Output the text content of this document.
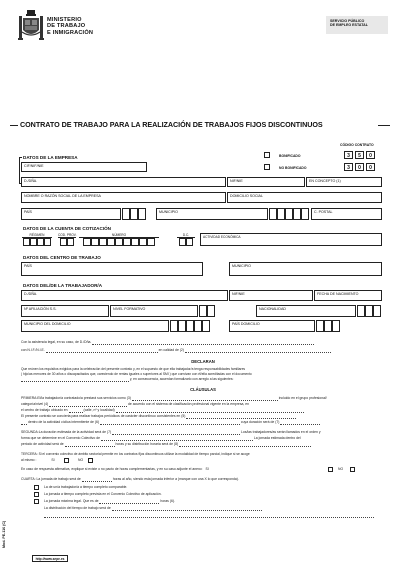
MINISTERIO
DE TRABAJO
E INMIGRACIÓN
SERVICIO PÚBLICO
DE EMPLEO ESTATAL
CONTRATO DE TRABAJO PARA LA REALIZACIÓN DE TRABAJOS FIJOS DISCONTINUOS
CÓDIGO CONTRATO
BONIFICADO
NO BONIFICADO
3	5	0
3	0	0
DATOS DE LA EMPRESA
CIF/NIF/NIE
D./DÑA.	NIF/NIE	EN CONCEPTO (1)
NOMBRE O RAZÓN SOCIAL DE LA EMPRESA	DOMICILIO SOCIAL
PAÍS	MUNICIPIO	C. POSTAL
DATOS DE LA CUENTA DE COTIZACIÓN
RÉGIMEN	COD. PROV.	NÚMERO	D.C.	ACTIVIDAD ECONÓMICA
DATOS DEL CENTRO DE TRABAJO
PAÍS	MUNICIPIO
DATOS DEL/DE LA TRABAJADOR/A
D./DÑA.	NIF/NIE	FECHA DE NACIMIENTO
Nº AFILIACIÓN S.S.	NIVEL FORMATIVO	NACIONALIDAD
MUNICIPIO DEL DOMICILIO	PAÍS DOMICILIO
Con la asistencia legal, en su caso, de D./Dña.
con N.I.F./N.I.E.	en calidad de (2)
DECLARAN
Que reúnen los requisitos exigidos para la celebración del presente contrato y, en el supuesto de que ella trabajador/a tenga responsabilidades familiares
( hijo/as menores de 30 años o discapacitados que, careciendo de rentas iguales o superiores al SMI ) que convivan con él/ella acreditadas con el documento
y, en consecuencia, acuerdan formalizarlo con arreglo a las siguientes:
CLÁUSULAS
PRIMERA:El/la trabajador/a contratado/a prestará sus servicios como (3)	incluido en el grupo profesional/
categoría/nivel (4)	de acuerdo con el sistema de clasificación profesional vigente en la empresa, en
el centro de trabajo ubicado en	(calle, nº y localidad)
El presente contrato se concierta para realizar trabajos periódicos de carácter discontinuo consistentes en (5)
dentro de la actividad cíclica intermitente de (6)	cuya duración será de (7)
SEGUNDA:La duración estimada de la actividad será de (7)	Los/las trabajadores/as serán llamados en el orden y
forma que se determine en el Convenio Colectivo de	La jornada estimada dentro del
periodo de actividad será de	horas y su distribución horaria será de (8)
TERCERA: Si el convenio colectivo de ámbito sectorial permite en los contratos fijos discontinuos utilizar la modalidad de tiempo parcial, indique si se acoge
al mismo :	SI	NO
En caso de respuesta afirmativa, explique si existe o no pacto de horas complementarias, y en su caso adjunte el anexo: SI	NO
CUARTA: La jornada de trabajo será de	horas al año, siendo esta jornada inferior a (marque con una X lo que corresponda).
La de un/a trabajador/a a tiempo completo comparable.
La jornada a tiempo completo prevista en el Convenio Colectivo de aplicación.
La jornada máxima legal. Que es de	horas (6).
La distribución del tiempo de trabajo será de
Mod. PE-116 (C)
http://www.sepe.es
